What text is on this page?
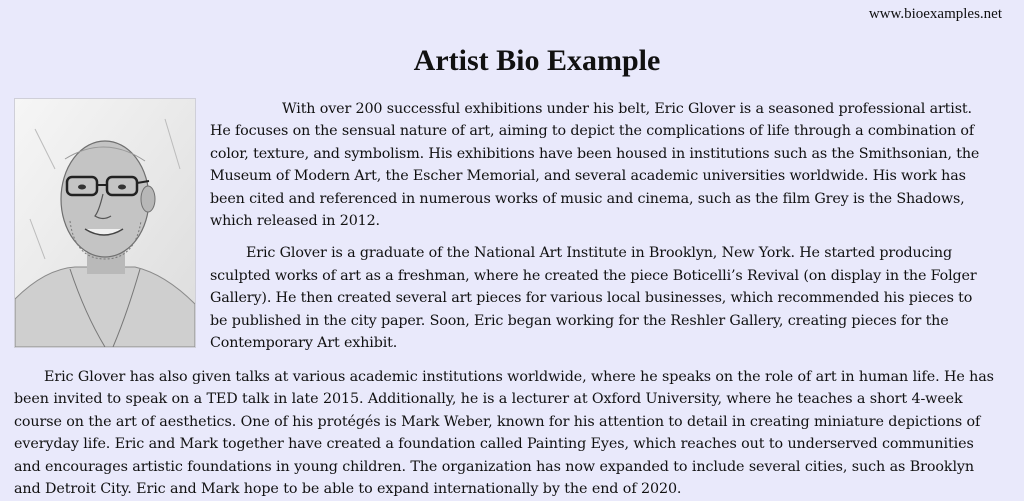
www.bioexamples.net
Artist Bio Example

With over 200 successful exhibitions under his belt, Eric Glover is a seasoned professional artist. He focuses on the sensual nature of art, aiming to depict the complications of life through a combination of color, texture, and symbolism. His exhibitions have been housed in institutions such as the Smithsonian, the Museum of Modern Art, the Escher Memorial, and several academic universities worldwide. His work has been cited and referenced in numerous works of music and cinema, such as the film Grey is the Shadows, which released in 2012.

Eric Glover is a graduate of the National Art Institute in Brooklyn, New York. He started producing sculpted works of art as a freshman, where he created the piece Boticelli’s Revival (on display in the Folger Gallery). He then created several art pieces for various local businesses, which recommended his pieces to be published in the city paper. Soon, Eric began working for the Reshler Gallery, creating pieces for the Contemporary Art exhibit.

Eric Glover has also given talks at various academic institutions worldwide, where he speaks on the role of art in human life. He has been invited to speak on a TED talk in late 2015. Additionally, he is a lecturer at Oxford University, where he teaches a short 4-week course on the art of aesthetics. One of his protégés is Mark Weber, known for his attention to detail in creating miniature depictions of everyday life. Eric and Mark together have created a foundation called Painting Eyes, which reaches out to underserved communities and encourages artistic foundations in young children. The organization has now expanded to include several cities, such as Brooklyn and Detroit City. Eric and Mark hope to be able to expand internationally by the end of 2020.
